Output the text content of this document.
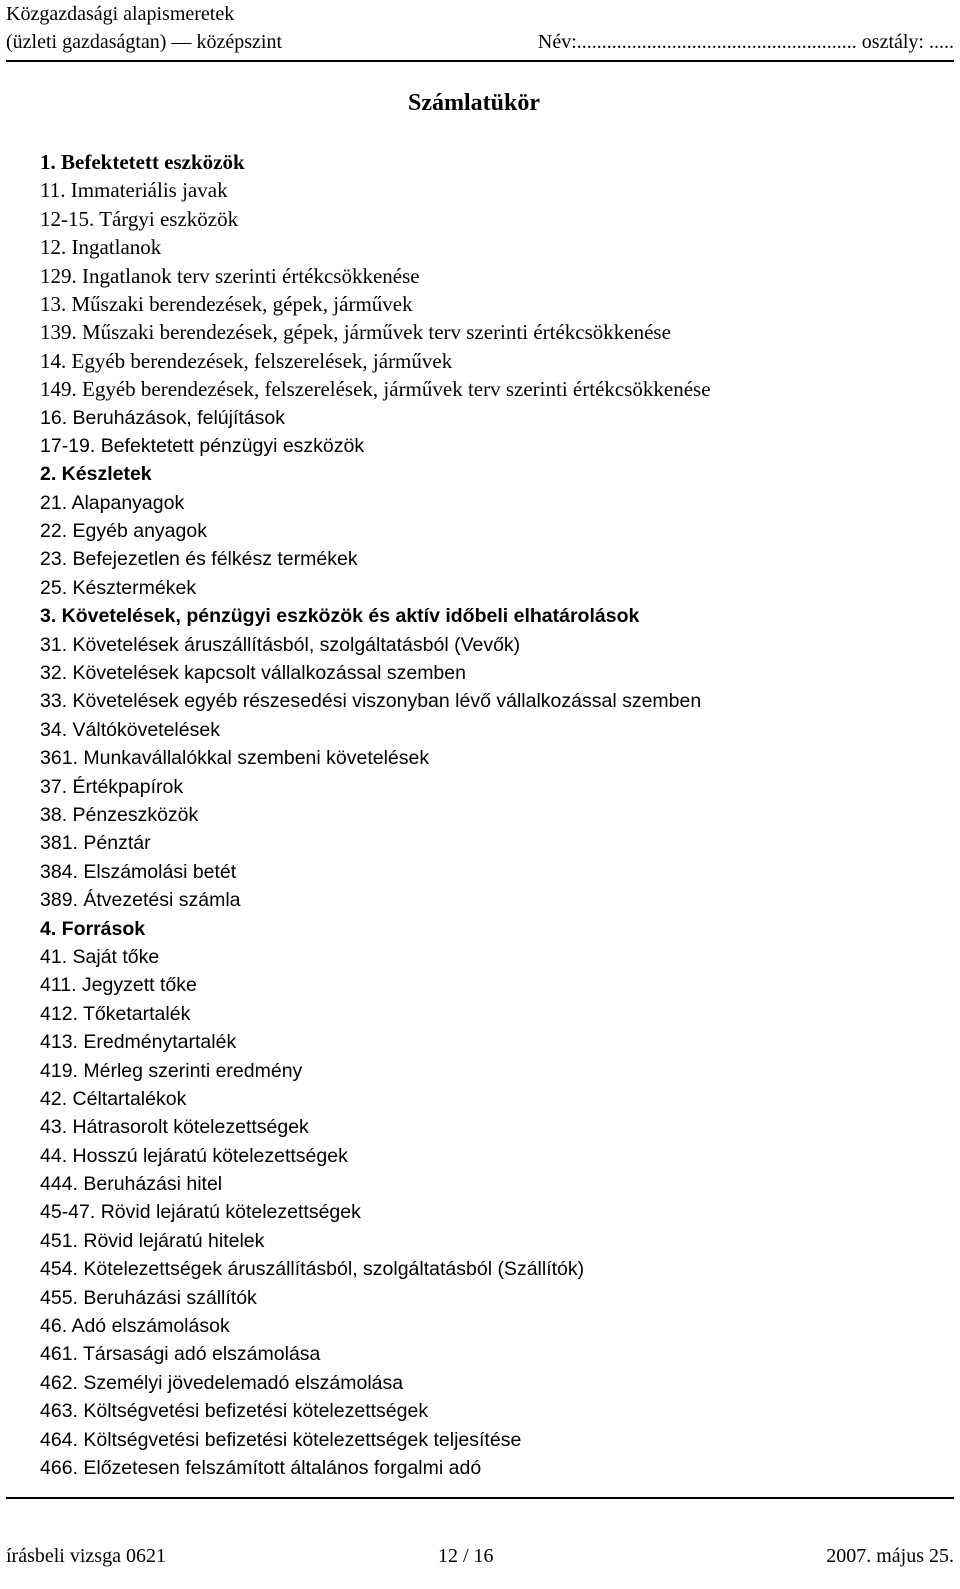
Közgazdasági alapismeretek
(üzleti gazdaságtan) — középszint	Név:........................................................ osztály: .....
Számlatükör
1. Befektetett eszközök
11. Immateriális javak
12-15. Tárgyi eszközök
12. Ingatlanok
129. Ingatlanok terv szerinti értékcsökkenése
13. Műszaki berendezések, gépek, járművek
139. Műszaki berendezések, gépek, járművek terv szerinti értékcsökkenése
14. Egyéb berendezések, felszerelések, járművek
149. Egyéb berendezések, felszerelések, járművek terv szerinti értékcsökkenése
16. Beruházások, felújítások
17-19. Befektetett pénzügyi eszközök
2. Készletek
21. Alapanyagok
22. Egyéb anyagok
23. Befejezetlen és félkész termékek
25. Késztermékek
3. Követelések, pénzügyi eszközök és aktív időbeli elhatárolások
31. Követelések áruszállításból, szolgáltatásból (Vevők)
32. Követelések kapcsolt vállalkozással szemben
33. Követelések egyéb részesedési viszonyban lévő vállalkozással szemben
34. Váltókövetelések
361. Munkavállalókkal szembeni követelések
37. Értékpapírok
38. Pénzeszközök
381. Pénztár
384. Elszámolási betét
389. Átvezetési számla
4. Források
41. Saját tőke
411. Jegyzett tőke
412. Tőketartalék
413. Eredménytartalék
419. Mérleg szerinti eredmény
42. Céltartalékok
43. Hátrasorolt kötelezettségek
44. Hosszú lejáratú kötelezettségek
444. Beruházási hitel
45-47. Rövid lejáratú kötelezettségek
451. Rövid lejáratú hitelek
454. Kötelezettségek áruszállításból, szolgáltatásból (Szállítók)
455. Beruházási szállítók
46. Adó elszámolások
461. Társasági adó elszámolása
462. Személyi jövedelemadó elszámolása
463. Költségvetési befizetési kötelezettségek
464. Költségvetési befizetési kötelezettségek teljesítése
466. Előzetesen felszámított általános forgalmi adó
írásbeli vizsga 0621	12 / 16	2007. május 25.
